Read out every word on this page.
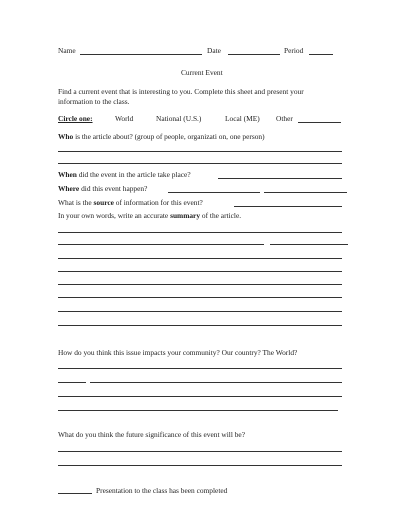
Name	Date	Period
Current Event
Find a current event that is interesting to you. Complete this sheet and present your
information to the class.
Circle one:	World	National (U.S.)	Local (ME) Other
Who is the article about? (group of people, organizati on, one person)
When did the event in the article take place?
Where did this event happen?
What is the source of information for this event?
In your own words, write an accurate summary of the article.
How do you think this issue impacts your community? Our country? The World?
What do you think the future significance of this event will be?
Presentation to the class has been completed
